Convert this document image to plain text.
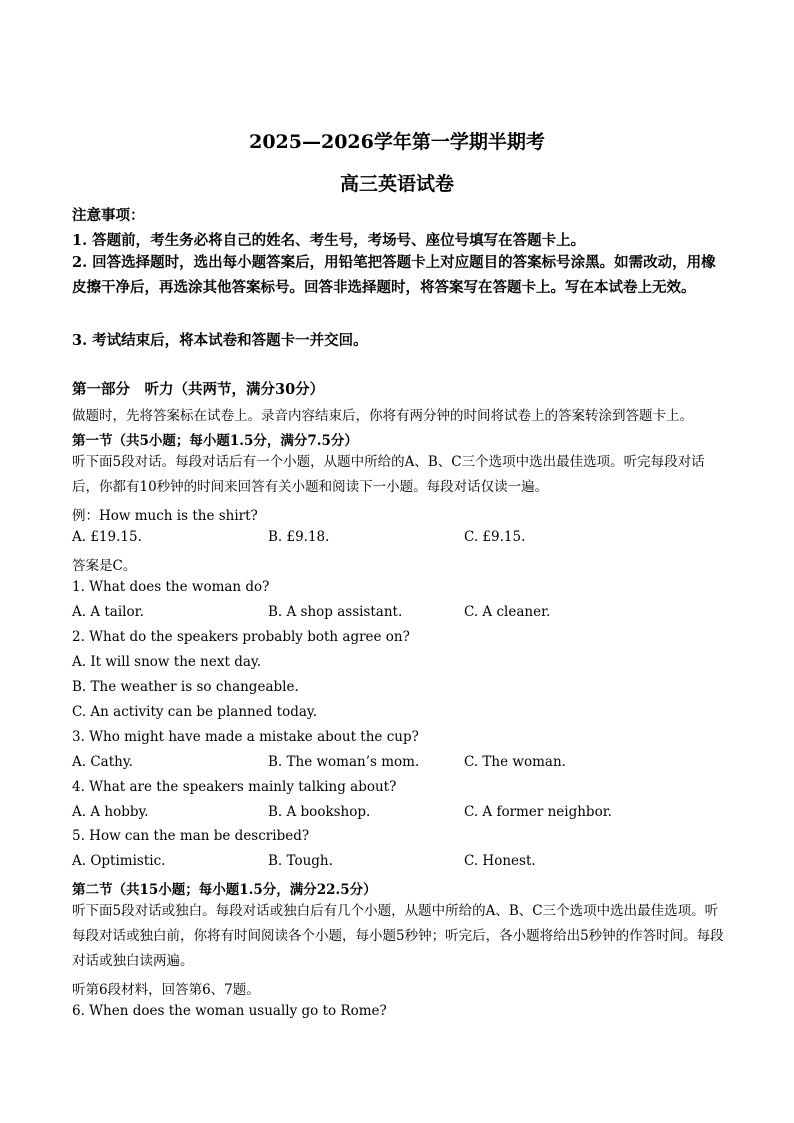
2025—2026学年第一学期半期考
高三英语试卷
注意事项：
1. 答题前，考生务必将自己的姓名、考生号，考场号、座位号填写在答题卡上。
2. 回答选择题时，选出每小题答案后，用铅笔把答题卡上对应题目的答案标号涂黑。如需改动，用橡皮擦干净后，再选涂其他答案标号。回答非选择题时，将答案写在答题卡上。写在本试卷上无效。
3. 考试结束后，将本试卷和答题卡一并交回。
第一部分　听力（共两节，满分30分）
做题时，先将答案标在试卷上。录音内容结束后，你将有两分钟的时间将试卷上的答案转涂到答题卡上。
第一节（共5小题；每小题1.5分，满分7.5分）
听下面5段对话。每段对话后有一个小题，从题中所给的A、B、C三个选项中选出最佳选项。听完每段对话后，你都有10秒钟的时间来回答有关小题和阅读下一小题。每段对话仅读一遍。
例：How much is the shirt?
A. £19.15.	B. £9.18.	C. £9.15.
答案是C。
1. What does the woman do?
A. A tailor.	B. A shop assistant.	C. A cleaner.
2. What do the speakers probably both agree on?
A. It will snow the next day.
B. The weather is so changeable.
C. An activity can be planned today.
3. Who might have made a mistake about the cup?
A. Cathy.	B. The woman’s mom.	C. The woman.
4. What are the speakers mainly talking about?
A. A hobby.	B. A bookshop.	C. A former neighbor.
5. How can the man be described?
A. Optimistic.	B. Tough.	C. Honest.
第二节（共15小题；每小题1.5分，满分22.5分）
听下面5段对话或独白。每段对话或独白后有几个小题，从题中所给的A、B、C三个选项中选出最佳选项。听每段对话或独白前，你将有时间阅读各个小题，每小题5秒钟；听完后，各小题将给出5秒钟的作答时间。每段对话或独白读两遍。
听第6段材料，回答第6、7题。
6. When does the woman usually go to Rome?
